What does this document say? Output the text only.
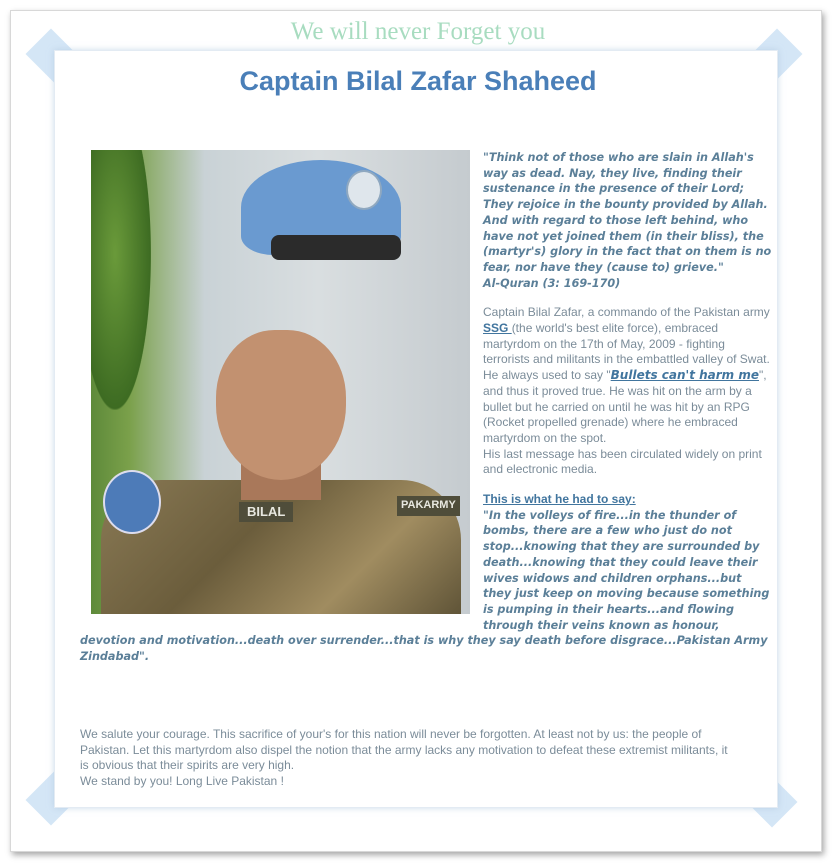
We will never Forget you
Captain Bilal Zafar Shaheed
BILAL	PAKARMY

"Think not of those who are slain in Allah's way as dead. Nay, they live, finding their sustenance in the presence of their Lord; They rejoice in the bounty provided by Allah. And with regard to those left behind, who have not yet joined them (in their bliss), the (martyr's) glory in the fact that on them is no fear, nor have they (cause to) grieve."
Al-Quran (3: 169-170)

Captain Bilal Zafar, a commando of the Pakistan army SSG (the world's best elite force), embraced martyrdom on the 17th of May, 2009 - fighting terrorists and militants in the embattled valley of Swat.

He always used to say "Bullets can't harm me", and thus it proved true. He was hit on the arm by a bullet but he carried on until he was hit by an RPG (Rocket propelled grenade) where he embraced martyrdom on the spot.

His last message has been circulated widely on print and electronic media.

This is what he had to say:

"In the volleys of fire...in the thunder of bombs, there are a few who just do not stop...knowing that they are surrounded by death...knowing that they could leave their wives widows and children orphans...but they just keep on moving because something is pumping in their hearts...and flowing through their veins known as honour, devotion and motivation...death over surrender...that is why they say death before disgrace...Pakistan Army Zindabad".

We salute your courage. This sacrifice of your's for this nation will never be forgotten. At least not by us: the people of Pakistan. Let this martyrdom also dispel the notion that the army lacks any motivation to defeat these extremist militants, it is obvious that their spirits are very high.
We stand by you! Long Live Pakistan !
